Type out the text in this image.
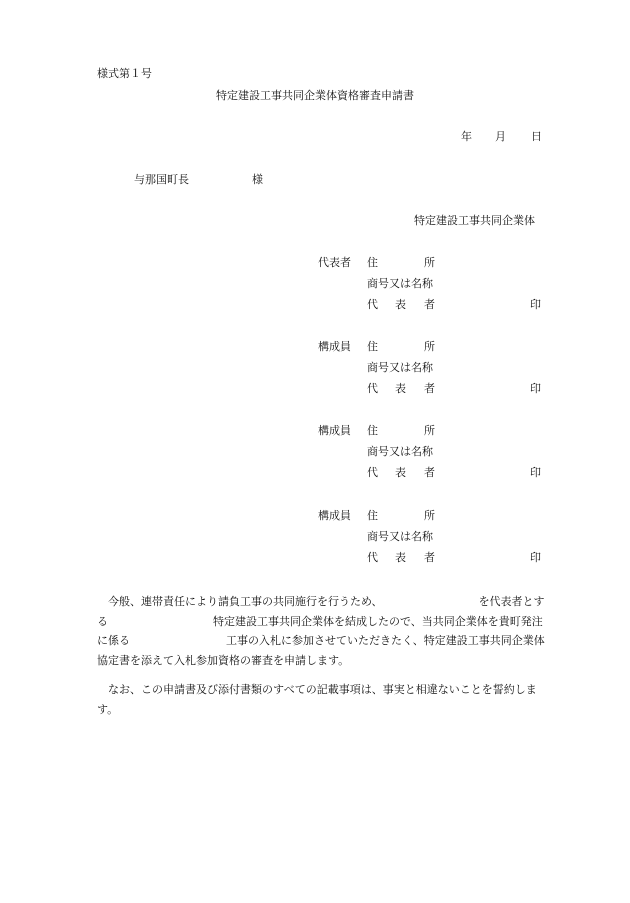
様式第１号
特定建設工事共同企業体資格審査申請書
年 月 日
与那国町長	様
特定建設工事共同企業体
代表者 住	所
商号又は名称
代 表 者	印
構成員 住	所
商号又は名称
代 表 者	印
構成員 住	所
商号又は名称
代 表 者	印
構成員 住	所
商号又は名称
代 表 者	印
今般、連帯責任により請負工事の共同施行を行うため、	を代表者とする	特定建設工事共同企業体を結成したので、当共同企業体を貴町発注に係る	工事の入札に参加させていただきたく、特定建設工事共同企業体協定書を添えて入札参加資格の審査を申請します。
なお、この申請書及び添付書類のすべての記載事項は、事実と相違ないことを誓約します。
